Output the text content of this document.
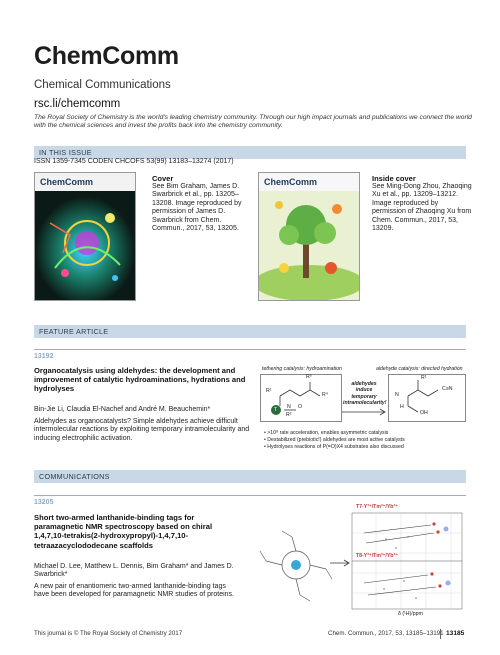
ChemComm
Chemical Communications
rsc.li/chemcomm
The Royal Society of Chemistry is the world's leading chemistry community. Through our high impact journals and publications we connect the world with the chemical sciences and invest the profits back into the chemistry community.
IN THIS ISSUE
ISSN 1359-7345 CODEN CHCOFS 53(99) 13183–13274 (2017)
ChemComm	Cover
See Bim Graham, James D. Swarbrick et al., pp. 13205–13208. Image reproduced by permission of James D. Swarbrick from Chem. Commun., 2017, 53, 13205.
ChemComm	Inside cover
See Ming-Dong Zhou, Zhaoqing Xu et al., pp. 13209–13212. Image reproduced by permission of Zhaoqing Xu from Chem. Commun., 2017, 53, 13209.
FEATURE ARTICLE
13192
Organocatalysis using aldehydes: the development and improvement of catalytic hydroaminations, hydrations and hydrolyses
Bin-Jie Li, Claudia El-Nachef and André M. Beauchemin*
Aldehydes as organocatalysts? Simple aldehydes achieve difficult intermolecular reactions by exploiting temporary intramolecularity and inducing electrophilic activation.
tethering catalysis: hydroamination	aldehyde catalysis: directed hydration
R¹
R³
R⁴
T N O
R²
aldehydes induce temporary intramolecularity!
R¹
N
C≡N
H
OH
• >10⁸ rate acceleration, enables asymmetric catalysis
• Destabilized (prebiotic!) aldehydes are most active catalysts
• Hydrolyses reactions of P(=O)X4 substrates also discussed
COMMUNICATIONS
13205
Short two-armed lanthanide-binding tags for paramagnetic NMR spectroscopy based on chiral 1,4,7,10-tetrakis(2-hydroxypropyl)-1,4,7,10-tetraazacyclododecane scaffolds
Michael D. Lee, Matthew L. Dennis, Bim Graham* and James D. Swarbrick*
A new pair of enantiomeric two-armed lanthanide-binding tags have been developed for paramagnetic NMR studies of proteins.
T7-Y³⁺/Tm³⁺/Yb³⁺
T8-Y³⁺/Tm³⁺/Yb³⁺
δ (¹H)/ppm
This journal is © The Royal Society of Chemistry 2017	Chem. Commun., 2017, 53, 13185–13191 13185
